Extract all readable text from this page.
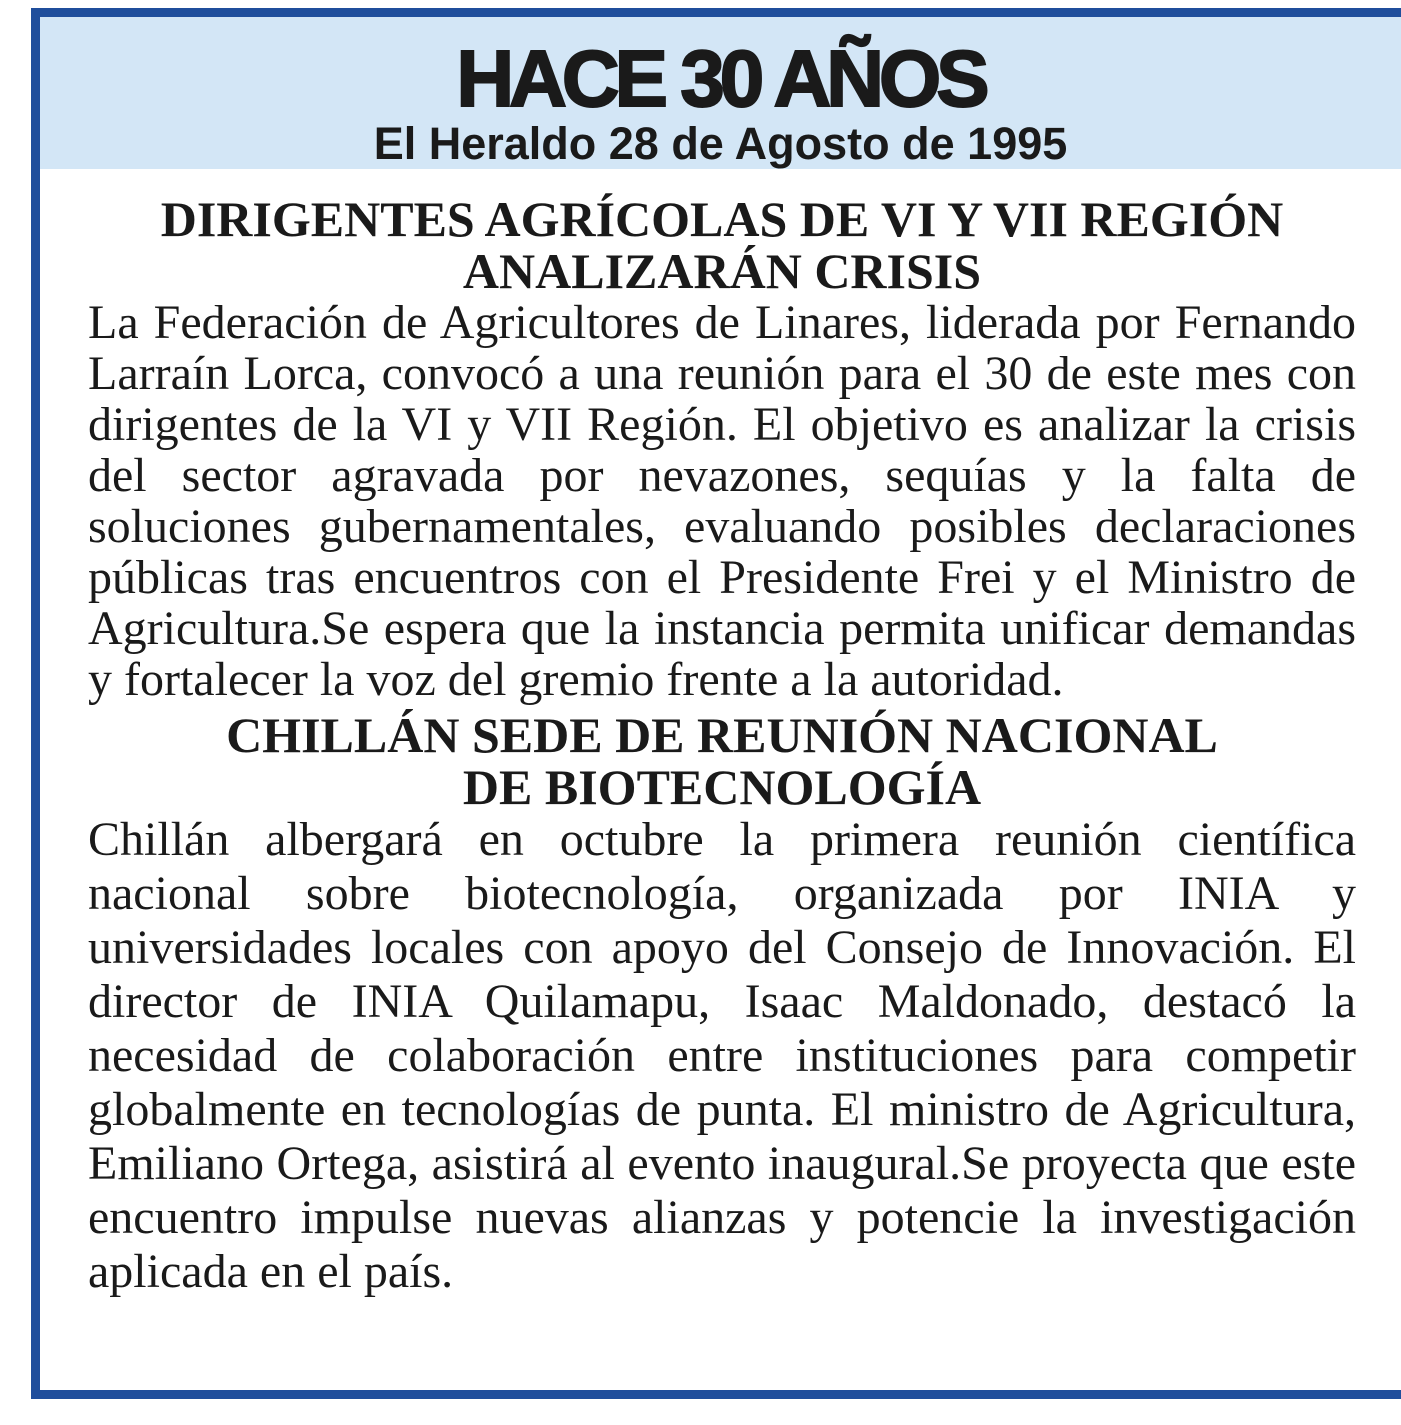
HACE 30 AÑOS
El Heraldo 28 de Agosto de 1995
DIRIGENTES AGRÍCOLAS DE VI Y VII REGIÓN
ANALIZARÁN CRISIS

La Federación de Agricultores de Linares, liderada por Fernando Larraín Lorca, convocó a una reunión para el 30 de este mes con dirigentes de la VI y VII Región. El objetivo es analizar la crisis del sector agravada por nevazones, sequías y la falta de soluciones gubernamentales, evaluando posibles declaraciones públicas tras encuentros con el Presidente Frei y el Ministro de Agricultura.Se espera que la instancia permita unificar demandas y fortalecer la voz del gremio frente a la autoridad.

CHILLÁN SEDE DE REUNIÓN NACIONAL
DE BIOTECNOLOGÍA

Chillán albergará en octubre la primera reunión científica nacional sobre biotecnología, organizada por INIA y universidades locales con apoyo del Consejo de Innovación. El director de INIA Quilamapu, Isaac Maldonado, destacó la necesidad de colaboración entre instituciones para competir globalmente en tecnologías de punta. El ministro de Agricultura, Emiliano Ortega, asistirá al evento inaugural.Se proyecta que este encuentro impulse nuevas alianzas y potencie la investigación aplicada en el país.
